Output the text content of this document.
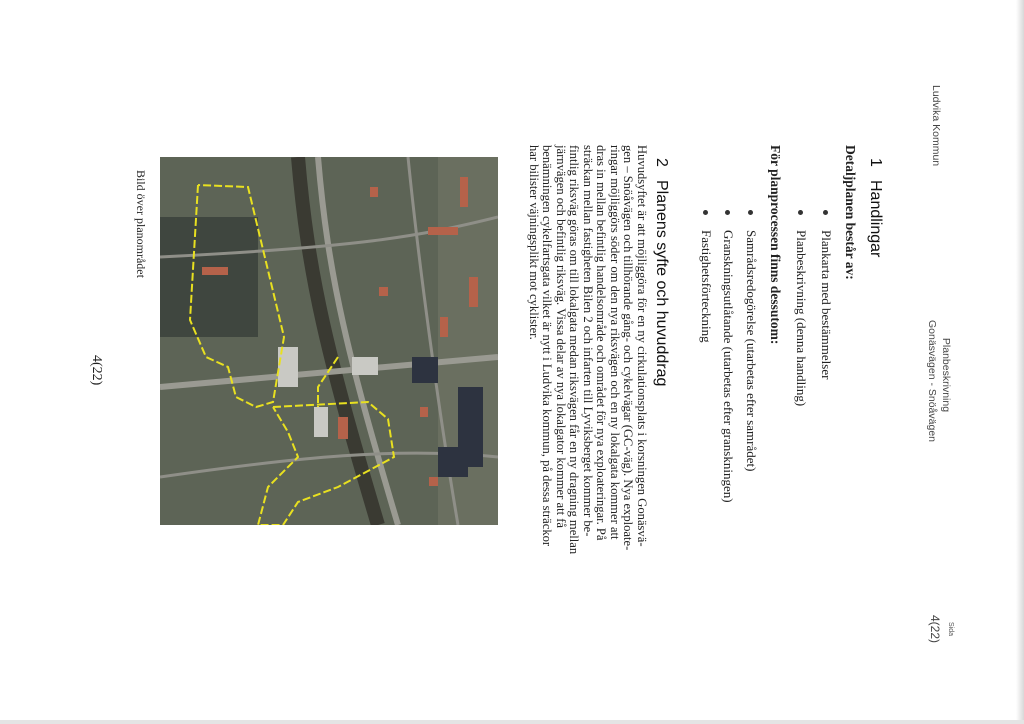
Ludvika Kommun
Planbeskrivning
Gonäsvägen - Snöåvägen
Sida
4(22)
1Handlingar
Detaljplanen består av:
Plankarta med bestämmelser
Planbeskrivning (denna handling)
För planprocessen finns dessutom:
Samrådsredogörelse (utarbetas efter samrådet)
Granskningsutlåtande (utarbetas efter granskningen)
Fastighetsförteckning
2Planens syfte och huvuddrag
Huvudsyftet är att möjliggöra för en ny cirkulationsplats i korsningen Gonäsvä-
gen – Snöåvägen och tillhörande gång- och cykelvägar (GC-väg). Nya exploate-
ringar möjliggörs söder om den nya riksvägen och en ny lokalgata kommer att
dras in mellan befintlig handelsområde och området för nya exploateringar. På
sträckan mellan fastigheten Bilen 2 och infarten till Lyviksberget kommer be-
fintlig riksväg göras om till lokalgata medan riksvägen får en ny dragning mellan
järnvägen och befintlig riksväg. Vissa delar av nya lokalgator kommer att få
benämningen cykelfartsgata vilket är nytt i Ludvika kommun, på dessa sträckor
har bilister väjningsplikt mot cyklister.
Bild över planområdet
4(22)
